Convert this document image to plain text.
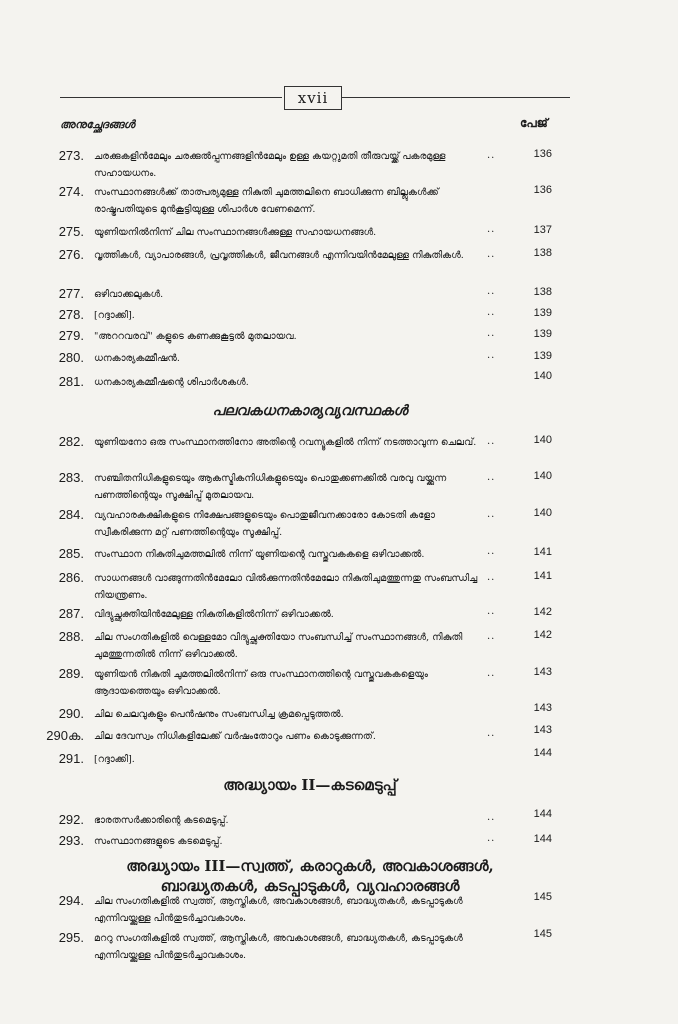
xvii
അനുച്ഛേദങ്ങൾ	പേജ്
273. ചരക്കുകളിൻമേലും ചരക്കുൽപ്പന്നങ്ങളിൻമേലും ഉള്ള കയറ്റുമതി തീരുവയ്ക്ക് പകരമുള്ള സഹായധനം.
..	136
274. സംസ്ഥാനങ്ങൾക്ക് താത്പര്യമുള്ള നികുതി ചുമത്തലിനെ ബാധിക്കുന്ന ബില്ലുകൾക്ക് രാഷ്ട്രപതിയുടെ മുൻകൂട്ടിയുള്ള ശിപാർശ വേണമെന്ന്.
136
275. യൂണിയനിൽനിന്ന് ചില സംസ്ഥാനങ്ങൾക്കുള്ള സഹായധനങ്ങൾ.	..	137
276. വൃത്തികൾ, വ്യാപാരങ്ങൾ, പ്രവൃത്തികൾ, ജീവനങ്ങൾ എന്നിവയിൻമേലുള്ള നികുതികൾ.	..	138
277. ഒഴിവാക്കലുകൾ.	..	138
278. [റദ്ദാക്കി].	..	139
279. "അററവരവ്" കളുടെ കണക്കുകൂട്ടൽ മുതലായവ.	..	139
280. ധനകാര്യകമ്മീഷൻ.	..	139
281. ധനകാര്യകമ്മീഷന്റെ ശിപാർശകൾ.
140
പലവകധനകാര്യവ്യവസ്ഥകൾ
282. യൂണിയനോ ഒരു സംസ്ഥാനത്തിനോ അതിന്റെ റവന്യൂകളിൽ നിന്ന് നടത്താവുന്ന ചെലവ്.	..	140
283. സഞ്ചിതനിധികളുടെയും ആകസ്മികനിധികളുടെയും പൊതുക്കണക്കിൽ വരവു വയ്ക്കുന്ന പണത്തിന്റെയും സൂക്ഷിപ്പ് മുതലായവ.
..	140
284. വ്യവഹാരകക്ഷികളുടെ നിക്ഷേപങ്ങളുടെയും പൊതുജീവനക്കാരോ കോടതി കളോ സ്വീകരിക്കുന്ന മറ്റ് പണത്തിന്റെയും സൂക്ഷിപ്പ്.
..	140
285. സംസ്ഥാന നികുതിചുമത്തലിൽ നിന്ന് യൂണിയന്റെ വസ്തുവകകളെ ഒഴിവാക്കൽ.	..	141
286. സാധനങ്ങൾ വാങ്ങുന്നതിൻമേലോ വിൽക്കുന്നതിൻമേലോ നികുതിചുമത്തുന്നതു സംബന്ധിച്ച നിയന്ത്രണം.
..	141
287. വിദ്യുച്ഛക്തിയിൻമേലുള്ള നികുതികളിൽനിന്ന് ഒഴിവാക്കൽ.	..	142
288. ചില സംഗതികളിൽ വെള്ളമോ വിദ്യുച്ഛക്തിയോ സംബന്ധിച്ച് സംസ്ഥാനങ്ങൾ, നികുതി ചുമത്തുന്നതിൽ നിന്ന് ഒഴിവാക്കൽ.
..	142
289. യൂണിയൻ നികുതി ചുമത്തലിൽനിന്ന് ഒരു സംസ്ഥാനത്തിന്റെ വസ്തുവകകളെയും ആദായത്തെയും ഒഴിവാക്കൽ.
..	143
290. ചില ചെലവുകളും പെൻഷനും സംബന്ധിച്ച ക്രമപ്പെടുത്തൽ.
143
290ക. ചില ദേവസ്വം നിധികളിലേക്ക് വർഷംതോറും പണം കൊടുക്കുന്നത്.	..	143
291. [റദ്ദാക്കി].
144
അദ്ധ്യായം II—കടമെടുപ്പ്
292. ഭാരതസർക്കാരിന്റെ കടമെടുപ്പ്.	..	144
293. സംസ്ഥാനങ്ങളുടെ കടമെടുപ്പ്.	..	144
അദ്ധ്യായം III—സ്വത്ത്, കരാറുകൾ, അവകാശങ്ങൾ,
ബാദ്ധ്യതകൾ, കടപ്പാടുകൾ, വ്യവഹാരങ്ങൾ
294. ചില സംഗതികളിൽ സ്വത്ത്, ആസ്തികൾ, അവകാശങ്ങൾ, ബാദ്ധ്യതകൾ, കടപ്പാടുകൾ എന്നിവയ്ക്കുള്ള പിൻതുടർച്ചാവകാശം.
145
295. മററു സംഗതികളിൽ സ്വത്ത്, ആസ്തികൾ, അവകാശങ്ങൾ, ബാദ്ധ്യതകൾ, കടപ്പാടുകൾ എന്നിവയ്ക്കുള്ള പിൻതുടർച്ചാവകാശം.
145
